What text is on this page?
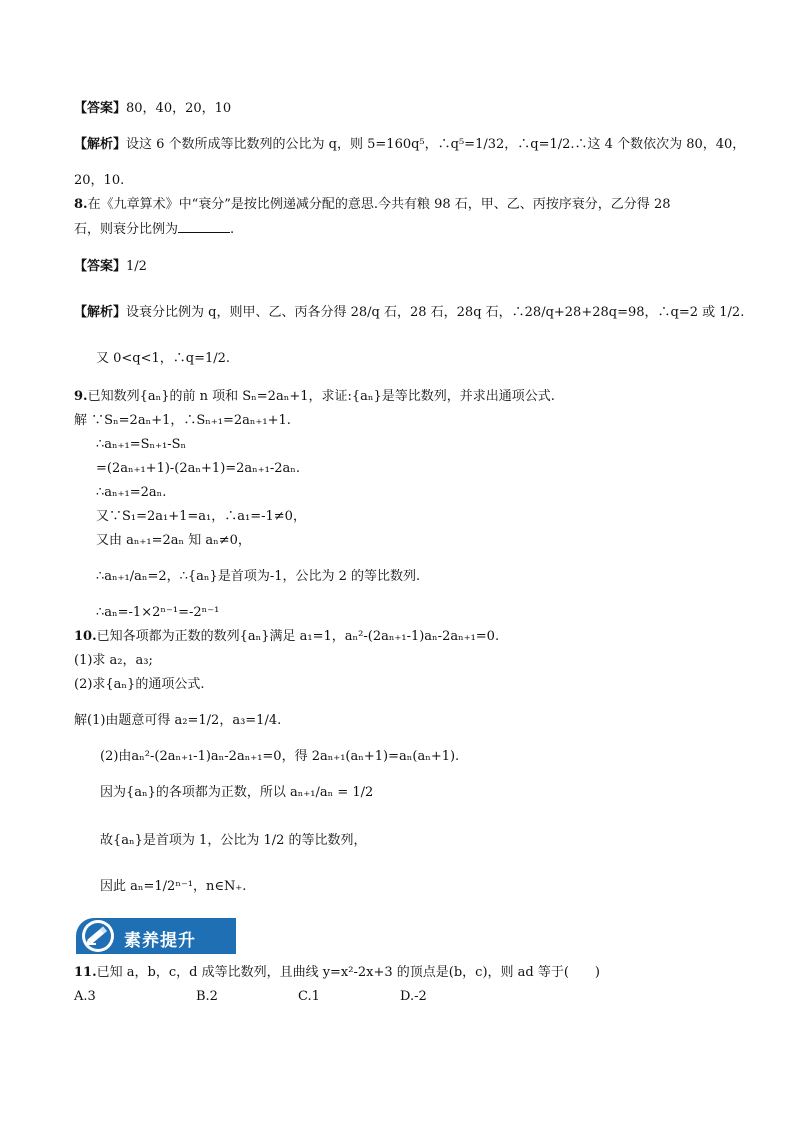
【答案】80，40，20，10
【解析】设这 6 个数所成等比数列的公比为 q，则 5=160q⁵，∴q⁵=1/32，∴q=1/2.∴这 4 个数依次为 80，40，
20，10.
8.在《九章算术》中“衰分”是按比例递减分配的意思.今共有粮 98 石，甲、乙、丙按序衰分，乙分得 28
石，则衰分比例为	.
【答案】1/2
【解析】设衰分比例为 q，则甲、乙、丙各分得 28/q 石，28 石，28q 石，∴28/q+28+28q=98，∴q=2 或 1/2.
又 0<q<1，∴q=1/2.
9.已知数列{aₙ}的前 n 项和 Sₙ=2aₙ+1，求证:{aₙ}是等比数列，并求出通项公式.
解 ∵Sₙ=2aₙ+1，∴Sₙ₊₁=2aₙ₊₁+1.
∴aₙ₊₁=Sₙ₊₁-Sₙ
=(2aₙ₊₁+1)-(2aₙ+1)=2aₙ₊₁-2aₙ.
∴aₙ₊₁=2aₙ.
又∵S₁=2a₁+1=a₁，∴a₁=-1≠0，
又由 aₙ₊₁=2aₙ 知 aₙ≠0，
∴aₙ₊₁/aₙ=2，∴{aₙ}是首项为-1，公比为 2 的等比数列.
∴aₙ=-1×2ⁿ⁻¹=-2ⁿ⁻¹
10.已知各项都为正数的数列{aₙ}满足 a₁=1，aₙ²-(2aₙ₊₁-1)aₙ-2aₙ₊₁=0.
(1)求 a₂，a₃;
(2)求{aₙ}的通项公式.
解(1)由题意可得 a₂=1/2，a₃=1/4.
(2)由aₙ²-(2aₙ₊₁-1)aₙ-2aₙ₊₁=0，得 2aₙ₊₁(aₙ+1)=aₙ(aₙ+1).
因为{aₙ}的各项都为正数，所以 aₙ₊₁/aₙ = 1/2
故{aₙ}是首项为 1，公比为 1/2 的等比数列，
因此 aₙ=1/2ⁿ⁻¹，n∈N₊.
素养提升
11.已知 a，b，c，d 成等比数列，且曲线 y=x²-2x+3 的顶点是(b，c)，则 ad 等于(　　)
A.3	B.2	C.1	D.-2
